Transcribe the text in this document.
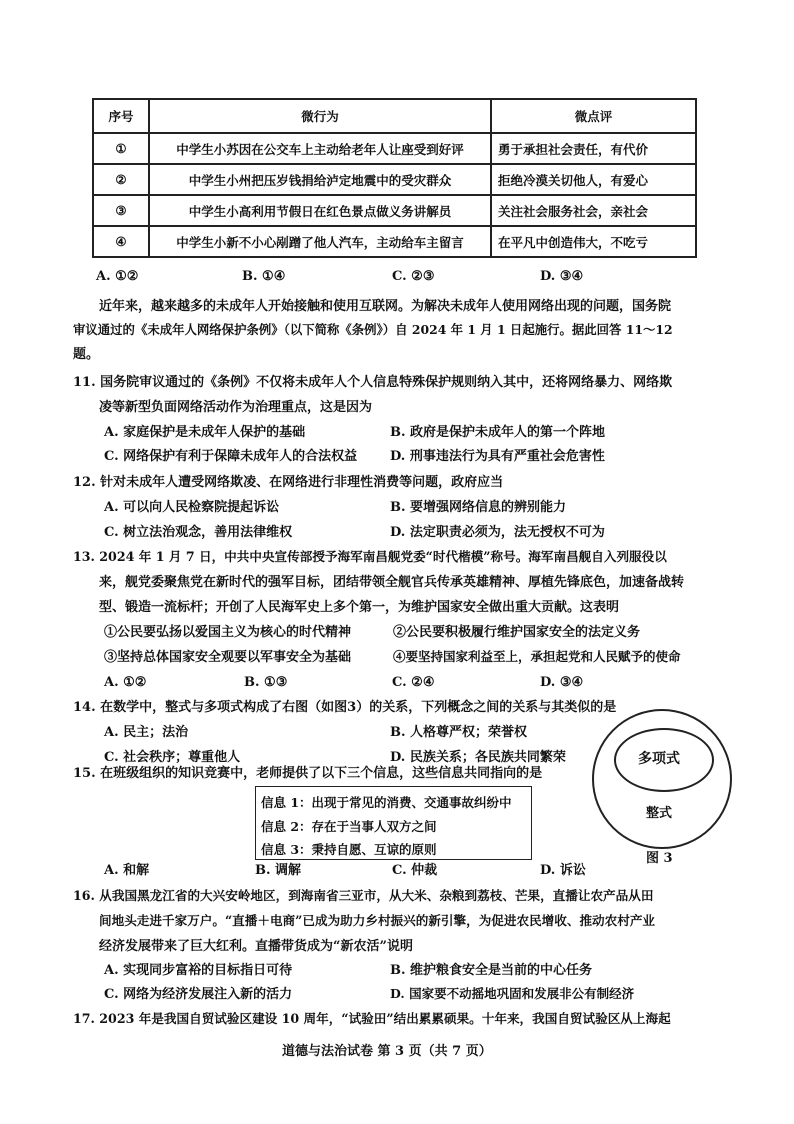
序号	微行为	微点评
①	中学生小苏因在公交车上主动给老年人让座受到好评	勇于承担社会责任，有代价
②	中学生小州把压岁钱捐给泸定地震中的受灾群众	拒绝冷漠关切他人，有爱心
③	中学生小高利用节假日在红色景点做义务讲解员	关注社会服务社会，亲社会
④	中学生小新不小心剐蹭了他人汽车，主动给车主留言	在平凡中创造伟大，不吃亏
A. ①②	B. ①④	C. ②③	D. ③④
近年来，越来越多的未成年人开始接触和使用互联网。为解决未成年人使用网络出现的问题，国务院
审议通过的《未成年人网络保护条例》（以下简称《条例》）自 2024 年 1 月 1 日起施行。据此回答 11～12
题。
11. 国务院审议通过的《条例》不仅将未成年人个人信息特殊保护规则纳入其中，还将网络暴力、网络欺
凌等新型负面网络活动作为治理重点，这是因为
A. 家庭保护是未成年人保护的基础	B. 政府是保护未成年人的第一个阵地
C. 网络保护有利于保障未成年人的合法权益	D. 刑事违法行为具有严重社会危害性
12. 针对未成年人遭受网络欺凌、在网络进行非理性消费等问题，政府应当
A. 可以向人民检察院提起诉讼	B. 要增强网络信息的辨别能力
C. 树立法治观念，善用法律维权	D. 法定职责必须为，法无授权不可为
13. 2024 年 1 月 7 日，中共中央宣传部授予海军南昌舰党委“时代楷模”称号。海军南昌舰自入列服役以
来，舰党委聚焦党在新时代的强军目标，团结带领全舰官兵传承英雄精神、厚植先锋底色，加速备战转
型、锻造一流标杆；开创了人民海军史上多个第一，为维护国家安全做出重大贡献。这表明
①公民要弘扬以爱国主义为核心的时代精神	②公民要积极履行维护国家安全的法定义务
③坚持总体国家安全观要以军事安全为基础	④要坚持国家利益至上，承担起党和人民赋予的使命
A. ①②	B. ①③	C. ②④	D. ③④
14. 在数学中，整式与多项式构成了右图（如图3）的关系，下列概念之间的关系与其类似的是
A. 民主；法治	B. 人格尊严权；荣誉权
C. 社会秩序；尊重他人	D. 民族关系；各民族共同繁荣	多项式
整式
图 3
15. 在班级组织的知识竞赛中，老师提供了以下三个信息，这些信息共同指向的是
信息 1：出现于常见的消费、交通事故纠纷中
信息 2：存在于当事人双方之间
信息 3：秉持自愿、互谅的原则
A. 和解	B. 调解	C. 仲裁	D. 诉讼
16. 从我国黑龙江省的大兴安岭地区，到海南省三亚市，从大米、杂粮到荔枝、芒果，直播让农产品从田
间地头走进千家万户。“直播＋电商”已成为助力乡村振兴的新引擎，为促进农民增收、推动农村产业
经济发展带来了巨大红利。直播带货成为“新农活”说明
A. 实现同步富裕的目标指日可待	B. 维护粮食安全是当前的中心任务
C. 网络为经济发展注入新的活力	D. 国家要不动摇地巩固和发展非公有制经济
17. 2023 年是我国自贸试验区建设 10 周年，“试验田”结出累累硕果。十年来，我国自贸试验区从上海起
道德与法治试卷 第 3 页（共 7 页）
